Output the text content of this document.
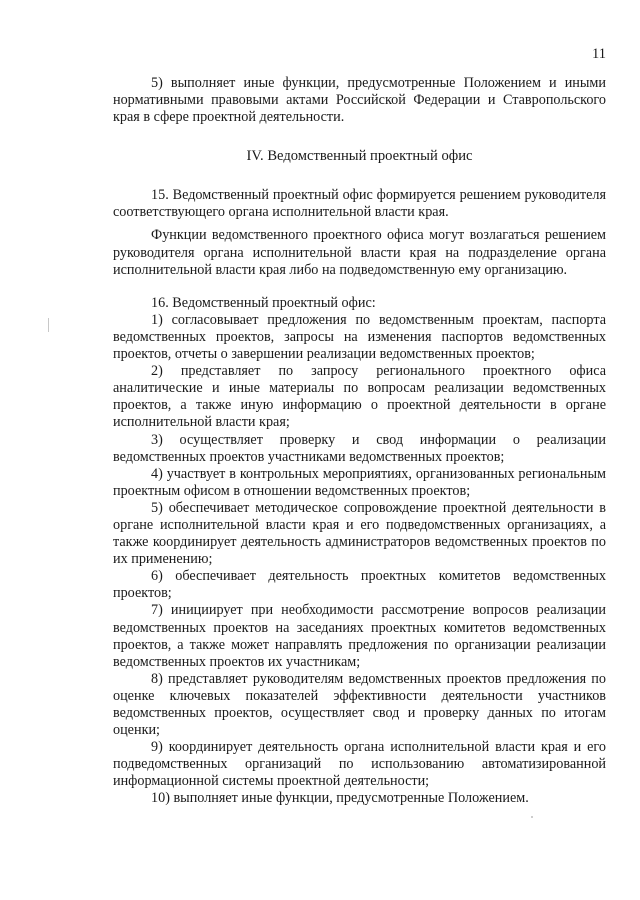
11

5) выполняет иные функции, предусмотренные Положением и иными нормативными правовыми актами Российской Федерации и Ставропольского края в сфере проектной деятельности.

IV. Ведомственный проектный офис

15. Ведомственный проектный офис формируется решением руководителя соответствующего органа исполнительной власти края.

Функции ведомственного проектного офиса могут возлагаться решением руководителя органа исполнительной власти края на подразделение органа исполнительной власти края либо на подведомственную ему организацию.

16. Ведомственный проектный офис:

1) согласовывает предложения по ведомственным проектам, паспорта ведомственных проектов, запросы на изменения паспортов ведомственных проектов, отчеты о завершении реализации ведомственных проектов;

2) представляет по запросу регионального проектного офиса аналитические и иные материалы по вопросам реализации ведомственных проектов, а также иную информацию о проектной деятельности в органе исполнительной власти края;

3) осуществляет проверку и свод информации о реализации ведомственных проектов участниками ведомственных проектов;

4) участвует в контрольных мероприятиях, организованных региональным проектным офисом в отношении ведомственных проектов;

5) обеспечивает методическое сопровождение проектной деятельности в органе исполнительной власти края и его подведомственных организациях, а также координирует деятельность администраторов ведомственных проектов по их применению;

6) обеспечивает деятельность проектных комитетов ведомственных проектов;

7) инициирует при необходимости рассмотрение вопросов реализации ведомственных проектов на заседаниях проектных комитетов ведомственных проектов, а также может направлять предложения по организации реализации ведомственных проектов их участникам;

8) представляет руководителям ведомственных проектов предложения по оценке ключевых показателей эффективности деятельности участников ведомственных проектов, осуществляет свод и проверку данных по итогам оценки;

9) координирует деятельность органа исполнительной власти края и его подведомственных организаций по использованию автоматизированной информационной системы проектной деятельности;

10) выполняет иные функции, предусмотренные Положением.
